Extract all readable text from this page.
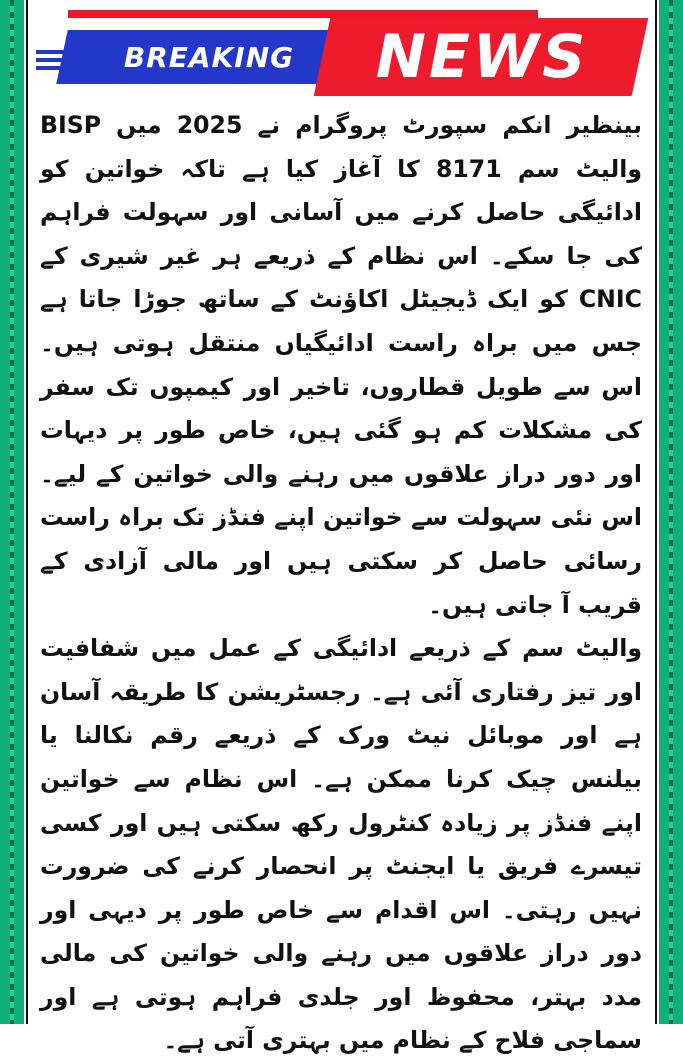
BREAKING	NEWS

بینظیر انکم سپورٹ پروگرام نے 2025 میں BISP والیٹ سم 8171 کا آغاز کیا ہے تاکہ خواتین کو ادائیگی حاصل کرنے میں آسانی اور سہولت فراہم کی جا سکے۔ اس نظام کے ذریعے ہر غیر شیری کے CNIC کو ایک ڈیجیٹل اکاؤنٹ کے ساتھ جوڑا جاتا ہے جس میں براہ راست ادائیگیاں منتقل ہوتی ہیں۔ اس سے طویل قطاروں، تاخیر اور کیمپوں تک سفر کی مشکلات کم ہو گئی ہیں، خاص طور پر دیہات اور دور دراز علاقوں میں رہنے والی خواتین کے لیے۔ اس نئی سہولت سے خواتین اپنے فنڈز تک براہ راست رسائی حاصل کر سکتی ہیں اور مالی آزادی کے قریب آ جاتی ہیں۔

والیٹ سم کے ذریعے ادائیگی کے عمل میں شفافیت اور تیز رفتاری آئی ہے۔ رجسٹریشن کا طریقہ آسان ہے اور موبائل نیٹ ورک کے ذریعے رقم نکالنا یا بیلنس چیک کرنا ممکن ہے۔ اس نظام سے خواتین اپنے فنڈز پر زیادہ کنٹرول رکھ سکتی ہیں اور کسی تیسرے فریق یا ایجنٹ پر انحصار کرنے کی ضرورت نہیں رہتی۔ اس اقدام سے خاص طور پر دیہی اور دور دراز علاقوں میں رہنے والی خواتین کی مالی مدد بہتر، محفوظ اور جلدی فراہم ہوتی ہے اور سماجی فلاح کے نظام میں بہتری آتی ہے۔
